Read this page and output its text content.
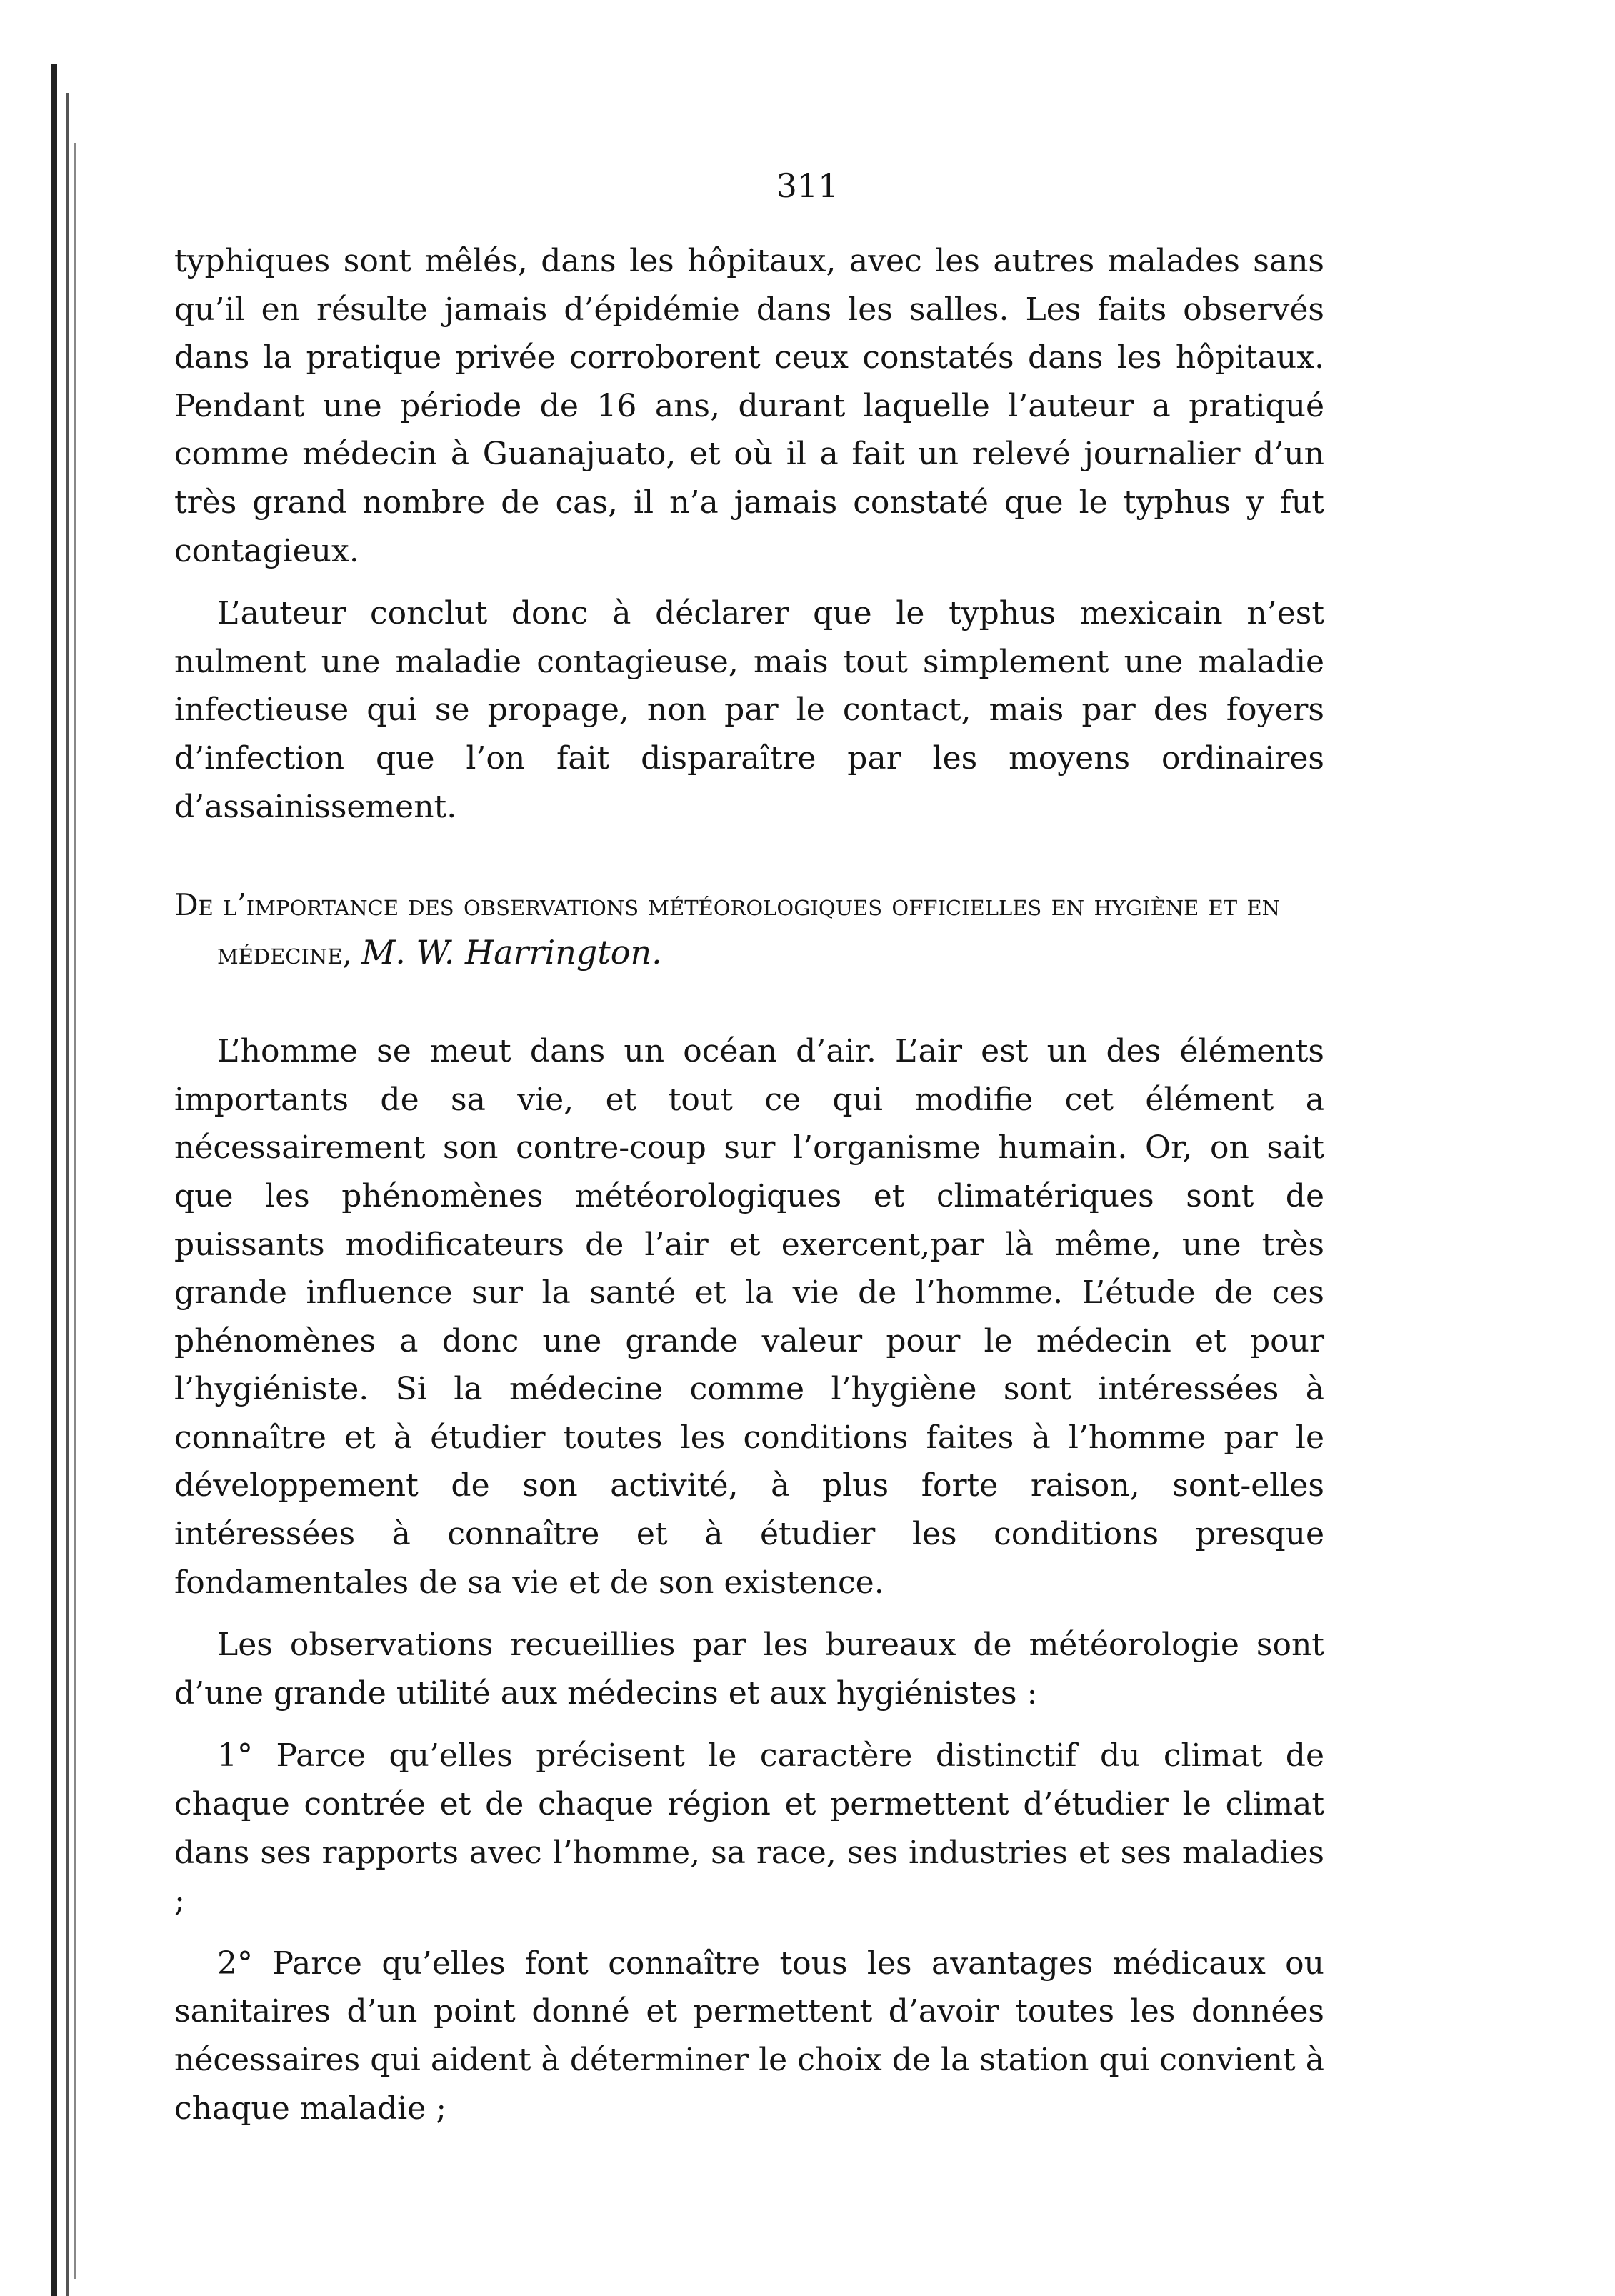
311

typhiques sont mêlés, dans les hôpitaux, avec les autres malades sans qu’il en résulte jamais d’épidémie dans les salles. Les faits observés dans la pratique privée corroborent ceux constatés dans les hôpitaux. Pendant une période de 16 ans, durant laquelle l’auteur a pratiqué comme médecin à Guanajuato, et où il a fait un relevé journalier d’un très grand nombre de cas, il n’a jamais constaté que le typhus y fut contagieux.

L’auteur conclut donc à déclarer que le typhus mexicain n’est nulment une maladie contagieuse, mais tout simplement une maladie infectieuse qui se propage, non par le contact, mais par des foyers d’infection que l’on fait disparaître par les moyens ordinaires d’assainissement.

De l’importance des observations météorologiques officielles en hygiène et en médecine, M. W. Harrington.

L’homme se meut dans un océan d’air. L’air est un des éléments importants de sa vie, et tout ce qui modifie cet élément a nécessairement son contre-coup sur l’organisme humain. Or, on sait que les phénomènes météorologiques et climatériques sont de puissants modificateurs de l’air et exercent,par là même, une très grande influence sur la santé et la vie de l’homme. L’étude de ces phénomènes a donc une grande valeur pour le médecin et pour l’hygiéniste. Si la médecine comme l’hygiène sont intéressées à connaître et à étudier toutes les conditions faites à l’homme par le développement de son activité, à plus forte raison, sont-elles intéressées à connaître et à étudier les conditions presque fondamentales de sa vie et de son existence.

Les observations recueillies par les bureaux de météorologie sont d’une grande utilité aux médecins et aux hygiénistes :

1° Parce qu’elles précisent le caractère distinctif du climat de chaque contrée et de chaque région et permettent d’étudier le climat dans ses rapports avec l’homme, sa race, ses industries et ses maladies ;

2° Parce qu’elles font connaître tous les avantages médicaux ou sanitaires d’un point donné et permettent d’avoir toutes les données nécessaires qui aident à déterminer le choix de la station qui convient à chaque maladie ;
